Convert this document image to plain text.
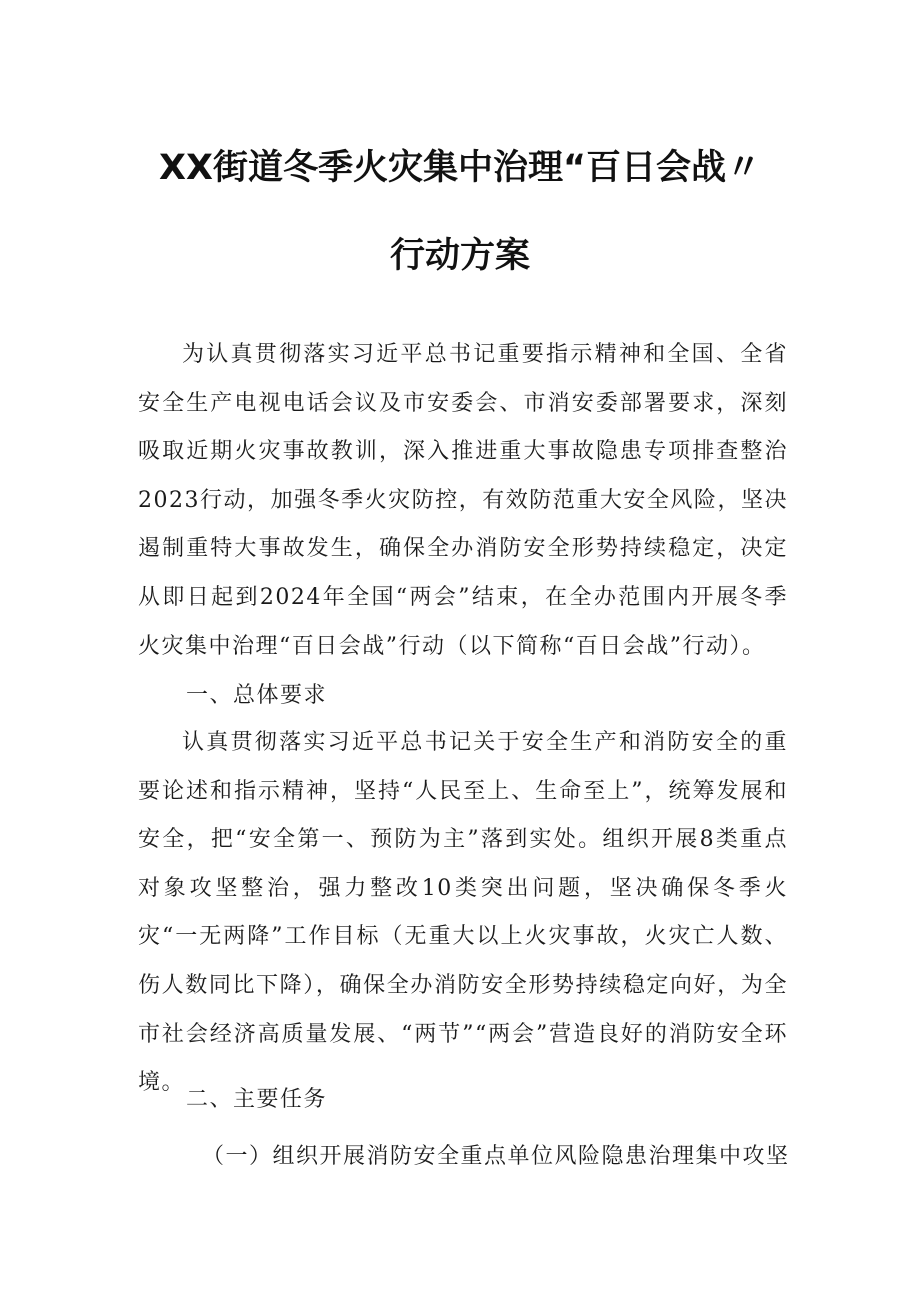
XX街道冬季火灾集中治理“百日会战〃
行动方案

为认真贯彻落实习近平总书记重要指示精神和全国、全省安全生产电视电话会议及市安委会、市消安委部署要求，深刻吸取近期火灾事故教训，深入推进重大事故隐患专项排查整治2023行动，加强冬季火灾防控，有效防范重大安全风险，坚决遏制重特大事故发生，确保全办消防安全形势持续稳定，决定从即日起到2024年全国“两会”结束，在全办范围内开展冬季火灾集中治理“百日会战”行动（以下简称“百日会战”行动）。

一、总体要求

认真贯彻落实习近平总书记关于安全生产和消防安全的重要论述和指示精神，坚持“人民至上、生命至上”，统筹发展和安全，把“安全第一、预防为主”落到实处。组织开展8类重点对象攻坚整治，强力整改10类突出问题，坚决确保冬季火灾“一无两降”工作目标（无重大以上火灾事故，火灾亡人数、伤人数同比下降），确保全办消防安全形势持续稳定向好，为全市社会经济高质量发展、“两节”“两会”营造良好的消防安全环境。

二、主要任务

（一）组织开展消防安全重点单位风险隐患治理集中攻坚
